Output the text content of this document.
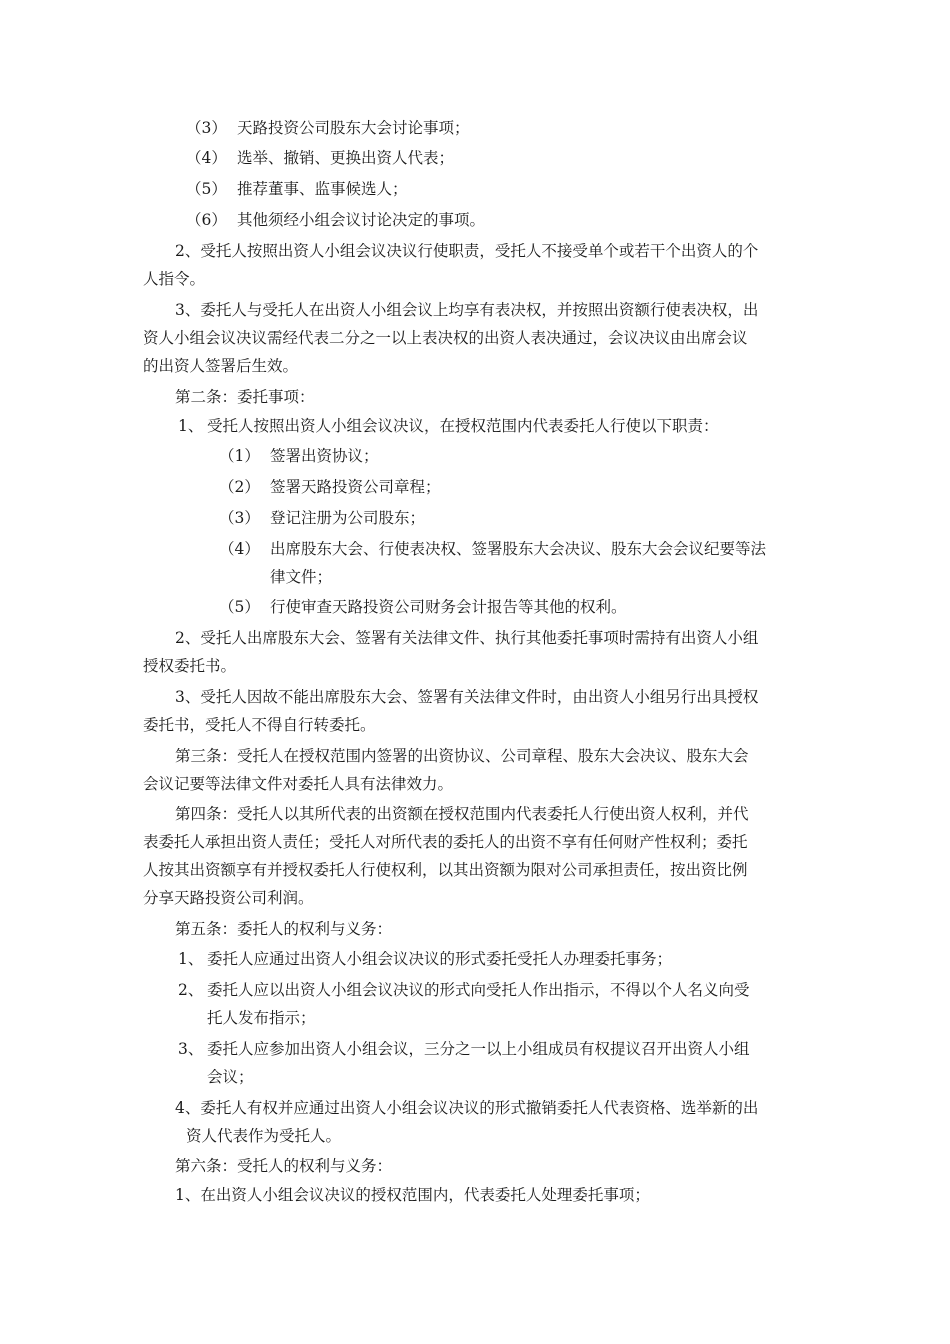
（3） 天路投资公司股东大会讨论事项；
（4） 选举、撤销、更换出资人代表；
（5） 推荐董事、监事候选人；
（6） 其他须经小组会议讨论决定的事项。
2、受托人按照出资人小组会议决议行使职责，受托人不接受单个或若干个出资人的个
人指令。
3、委托人与受托人在出资人小组会议上均享有表决权，并按照出资额行使表决权，出
资人小组会议决议需经代表二分之一以上表决权的出资人表决通过，会议决议由出席会议
的出资人签署后生效。
第二条：委托事项：
1、 受托人按照出资人小组会议决议，在授权范围内代表委托人行使以下职责：
（1） 签署出资协议；
（2） 签署天路投资公司章程；
（3） 登记注册为公司股东；
（4） 出席股东大会、行使表决权、签署股东大会决议、股东大会会议纪要等法
律文件；
（5） 行使审查天路投资公司财务会计报告等其他的权利。
2、受托人出席股东大会、签署有关法律文件、执行其他委托事项时需持有出资人小组
授权委托书。
3、受托人因故不能出席股东大会、签署有关法律文件时，由出资人小组另行出具授权
委托书，受托人不得自行转委托。
第三条：受托人在授权范围内签署的出资协议、公司章程、股东大会决议、股东大会
会议记要等法律文件对委托人具有法律效力。
第四条：受托人以其所代表的出资额在授权范围内代表委托人行使出资人权利，并代
表委托人承担出资人责任；受托人对所代表的委托人的出资不享有任何财产性权利；委托
人按其出资额享有并授权委托人行使权利，以其出资额为限对公司承担责任，按出资比例
分享天路投资公司利润。
第五条：委托人的权利与义务：
1、 委托人应通过出资人小组会议决议的形式委托受托人办理委托事务；
2、 委托人应以出资人小组会议决议的形式向受托人作出指示，不得以个人名义向受
托人发布指示；
3、 委托人应参加出资人小组会议，三分之一以上小组成员有权提议召开出资人小组
会议；
4、委托人有权并应通过出资人小组会议决议的形式撤销委托人代表资格、选举新的出
资人代表作为受托人。
第六条：受托人的权利与义务：
1、在出资人小组会议决议的授权范围内，代表委托人处理委托事项；
